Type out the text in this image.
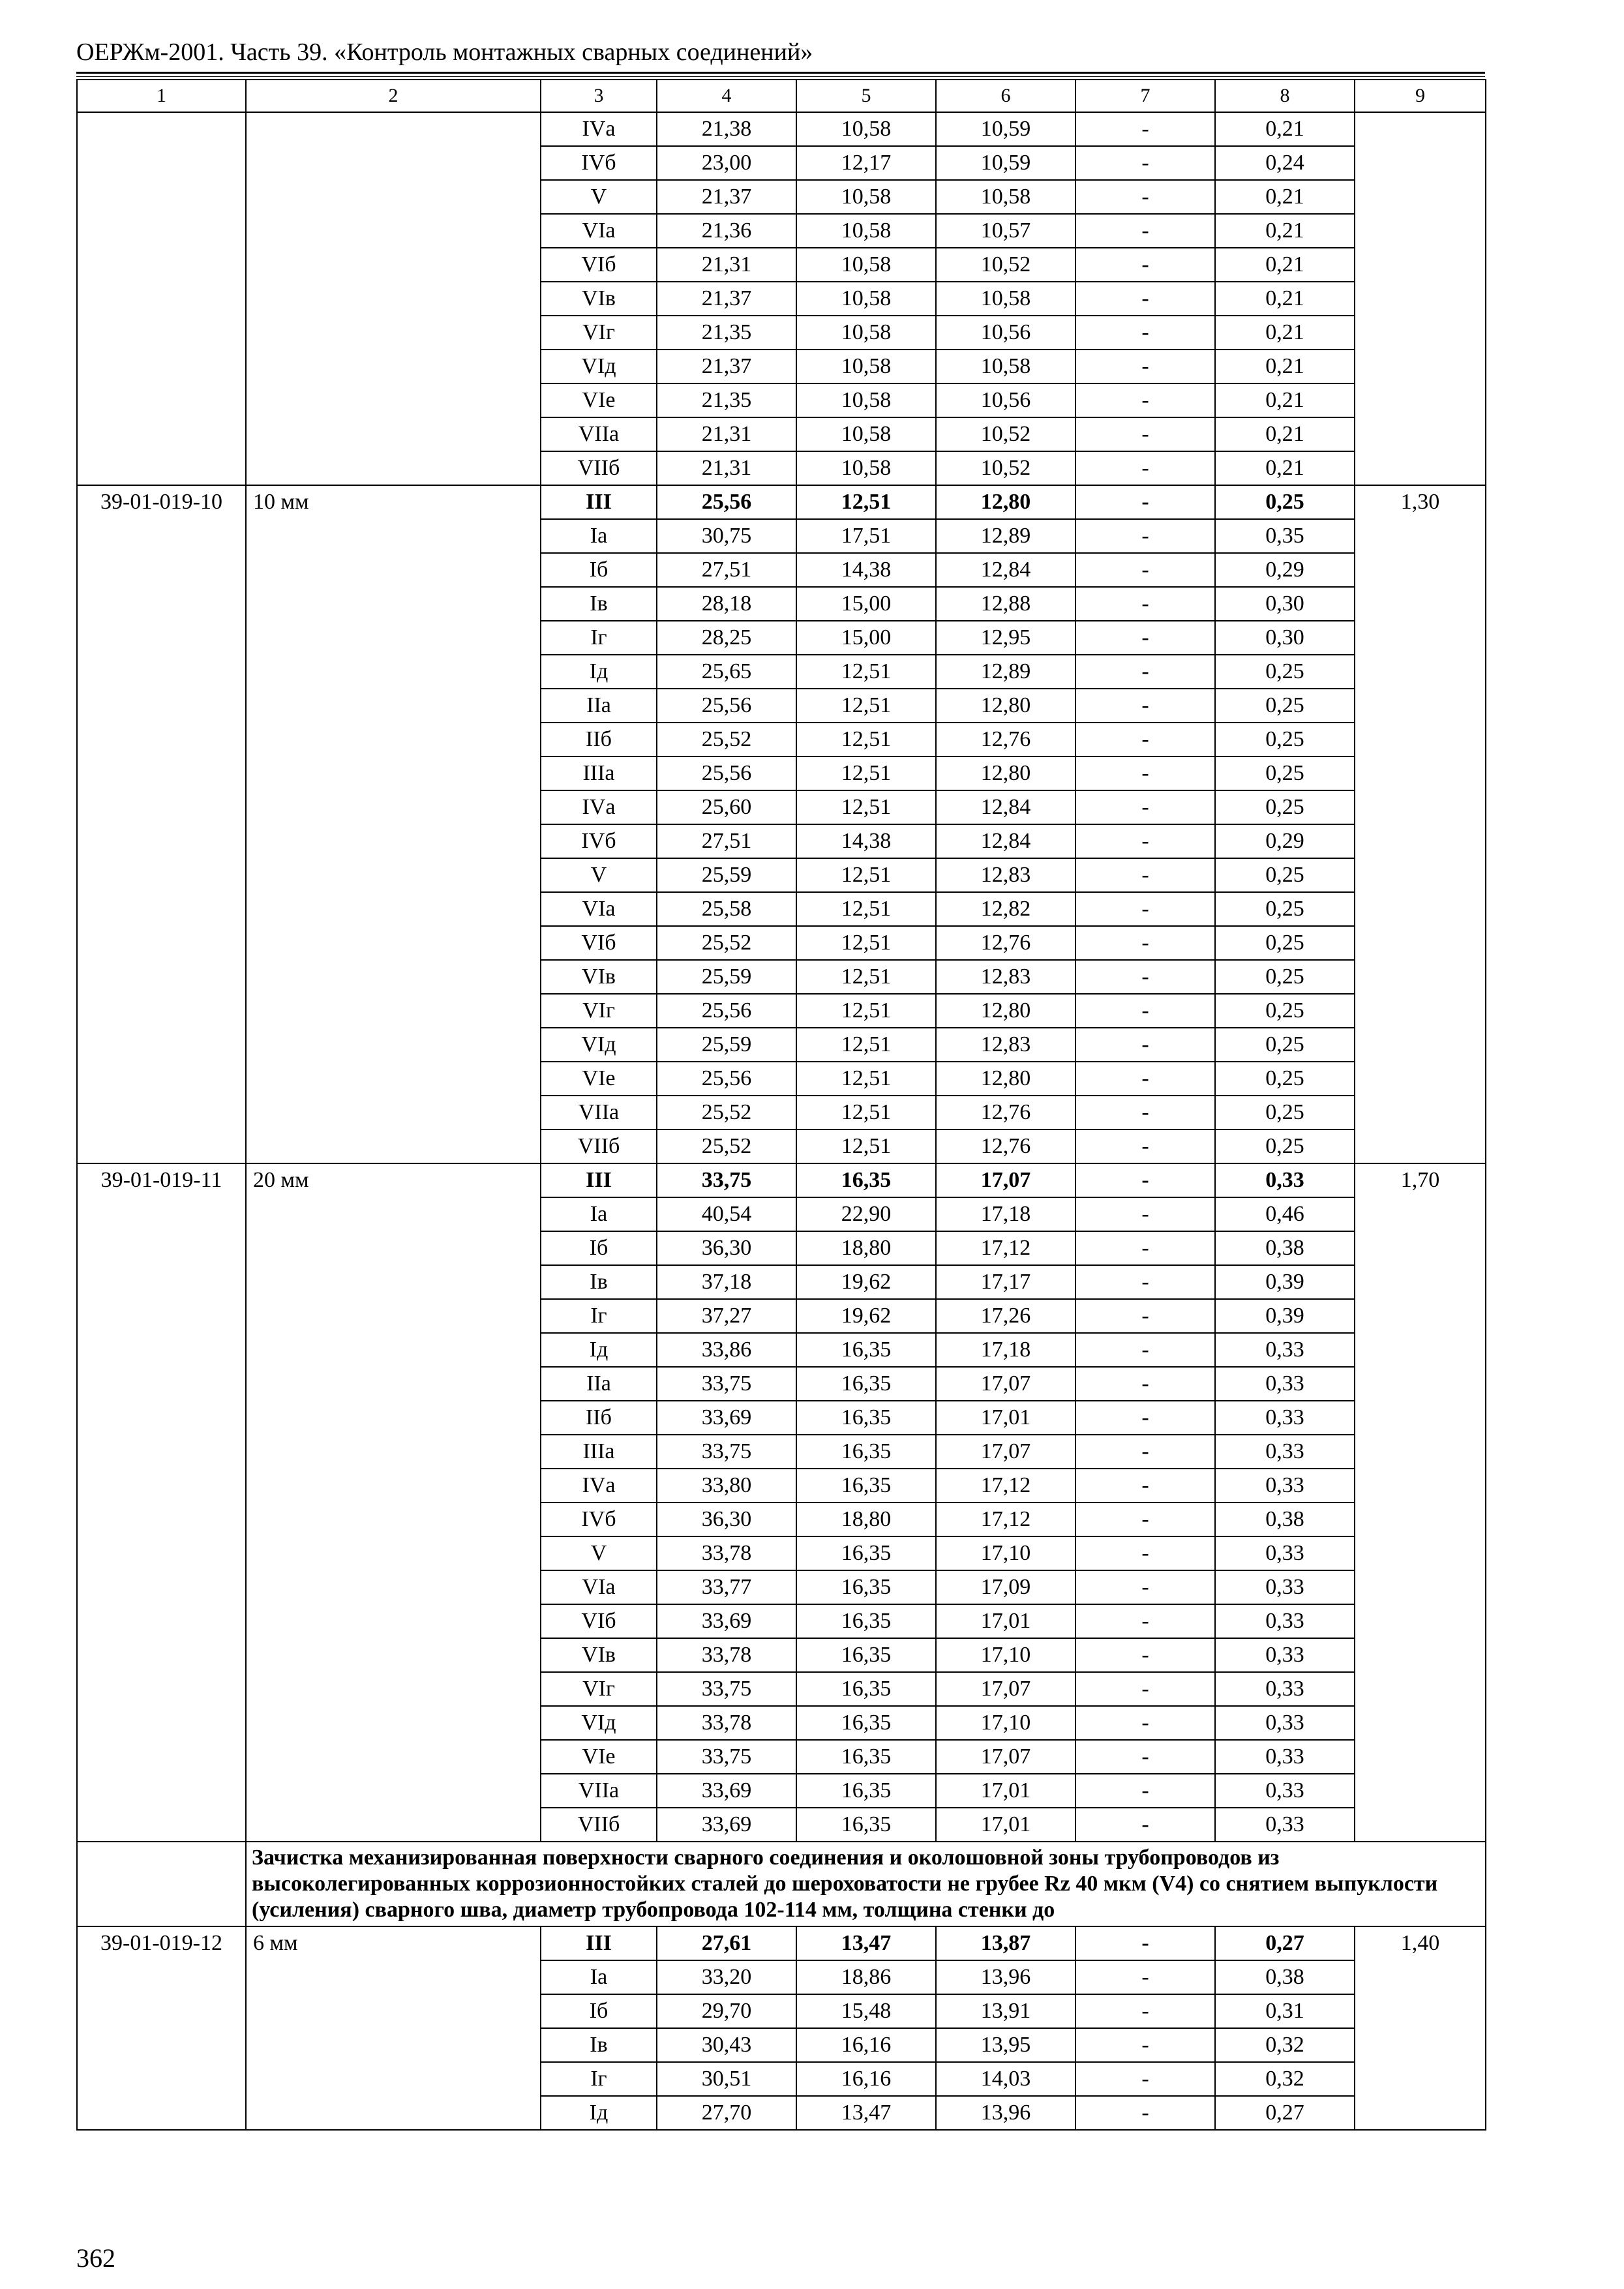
ОЕРЖм-2001. Часть 39. «Контроль монтажных сварных соединений»
1	2	3	4	5	6	7	8	9
		IVа	21,38	10,58	10,59	-	0,21	
		IVб	23,00	12,17	10,59	-	0,24	
		V	21,37	10,58	10,58	-	0,21	
		VIа	21,36	10,58	10,57	-	0,21	
		VIб	21,31	10,58	10,52	-	0,21	
		VIв	21,37	10,58	10,58	-	0,21	
		VIг	21,35	10,58	10,56	-	0,21	
		VIд	21,37	10,58	10,58	-	0,21	
		VIе	21,35	10,58	10,56	-	0,21	
		VIIа	21,31	10,58	10,52	-	0,21	
		VIIб	21,31	10,58	10,52	-	0,21	
39-01-019-10	10 мм	III	25,56	12,51	12,80	-	0,25	1,30
		Iа	30,75	17,51	12,89	-	0,35	
		Iб	27,51	14,38	12,84	-	0,29	
		Iв	28,18	15,00	12,88	-	0,30	
		Iг	28,25	15,00	12,95	-	0,30	
		Iд	25,65	12,51	12,89	-	0,25	
		IIа	25,56	12,51	12,80	-	0,25	
		IIб	25,52	12,51	12,76	-	0,25	
		IIIа	25,56	12,51	12,80	-	0,25	
		IVа	25,60	12,51	12,84	-	0,25	
		IVб	27,51	14,38	12,84	-	0,29	
		V	25,59	12,51	12,83	-	0,25	
		VIа	25,58	12,51	12,82	-	0,25	
		VIб	25,52	12,51	12,76	-	0,25	
		VIв	25,59	12,51	12,83	-	0,25	
		VIг	25,56	12,51	12,80	-	0,25	
		VIд	25,59	12,51	12,83	-	0,25	
		VIе	25,56	12,51	12,80	-	0,25	
		VIIа	25,52	12,51	12,76	-	0,25	
		VIIб	25,52	12,51	12,76	-	0,25	
39-01-019-11	20 мм	III	33,75	16,35	17,07	-	0,33	1,70
		Iа	40,54	22,90	17,18	-	0,46	
		Iб	36,30	18,80	17,12	-	0,38	
		Iв	37,18	19,62	17,17	-	0,39	
		Iг	37,27	19,62	17,26	-	0,39	
		Iд	33,86	16,35	17,18	-	0,33	
		IIа	33,75	16,35	17,07	-	0,33	
		IIб	33,69	16,35	17,01	-	0,33	
		IIIа	33,75	16,35	17,07	-	0,33	
		IVа	33,80	16,35	17,12	-	0,33	
		IVб	36,30	18,80	17,12	-	0,38	
		V	33,78	16,35	17,10	-	0,33	
		VIа	33,77	16,35	17,09	-	0,33	
		VIб	33,69	16,35	17,01	-	0,33	
		VIв	33,78	16,35	17,10	-	0,33	
		VIг	33,75	16,35	17,07	-	0,33	
		VIд	33,78	16,35	17,10	-	0,33	
		VIе	33,75	16,35	17,07	-	0,33	
		VIIа	33,69	16,35	17,01	-	0,33	
		VIIб	33,69	16,35	17,01	-	0,33	
	Зачистка механизированная поверхности сварного соединения и околошовной зоны трубопроводов из высоколегированных коррозионностойких сталей до шероховатости не грубее Rz 40 мкм (V4) со снятием выпуклости (усиления) сварного шва, диаметр трубопровода 102-114 мм, толщина стенки до							
39-01-019-12	6 мм	III	27,61	13,47	13,87	-	0,27	1,40
		Iа	33,20	18,86	13,96	-	0,38	
		Iб	29,70	15,48	13,91	-	0,31	
		Iв	30,43	16,16	13,95	-	0,32	
		Iг	30,51	16,16	14,03	-	0,32	
		Iд	27,70	13,47	13,96	-	0,27	
362
